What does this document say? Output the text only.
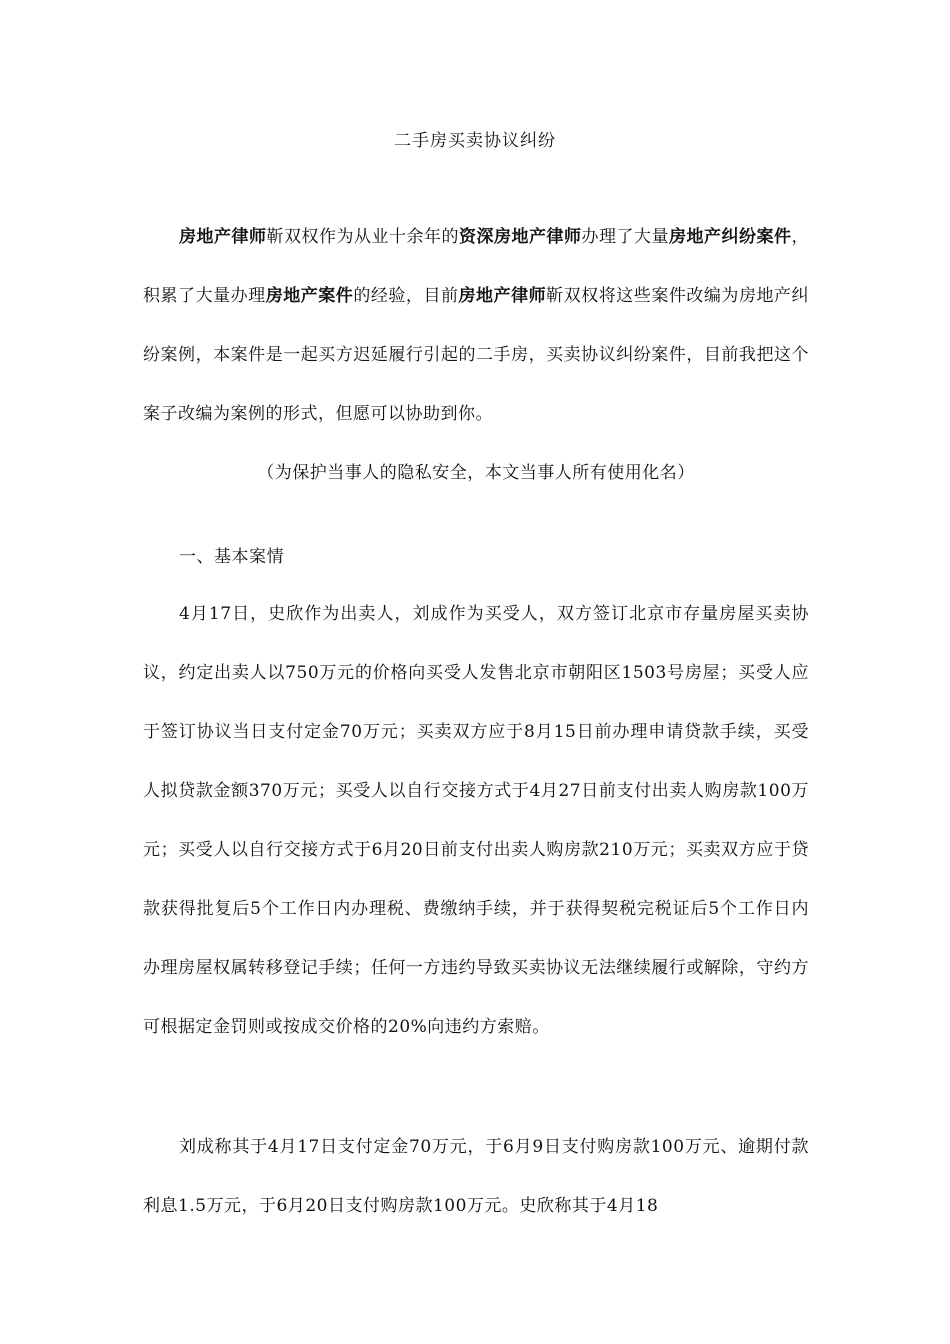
二手房买卖协议纠纷
房地产律师靳双权作为从业十余年的资深房地产律师办理了大量房地产纠纷案件，积累了大量办理房地产案件的经验，目前房地产律师靳双权将这些案件改编为房地产纠纷案例，本案件是一起买方迟延履行引起的二手房，买卖协议纠纷案件，目前我把这个案子改编为案例的形式，但愿可以协助到你。
（为保护当事人的隐私安全，本文当事人所有使用化名）
一、基本案情
4月17日，史欣作为出卖人，刘成作为买受人，双方签订北京市存量房屋买卖协议，约定出卖人以750万元的价格向买受人发售北京市朝阳区1503号房屋；买受人应于签订协议当日支付定金70万元；买卖双方应于8月15日前办理申请贷款手续，买受人拟贷款金额370万元；买受人以自行交接方式于4月27日前支付出卖人购房款100万元；买受人以自行交接方式于6月20日前支付出卖人购房款210万元；买卖双方应于贷款获得批复后5个工作日内办理税、费缴纳手续，并于获得契税完税证后5个工作日内办理房屋权属转移登记手续；任何一方违约导致买卖协议无法继续履行或解除，守约方可根据定金罚则或按成交价格的20%向违约方索赔。
刘成称其于4月17日支付定金70万元，于6月9日支付购房款100万元、逾期付款利息1.5万元，于6月20日支付购房款100万元。史欣称其于4月18
